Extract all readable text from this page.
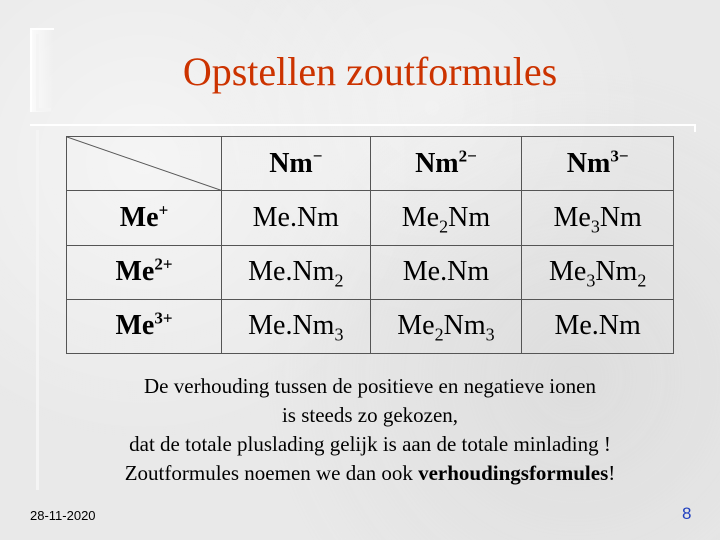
Opstellen zoutformules
	Nm−	$Nm^{2-}$	$Nm^{3-}$
Me+	Me.Nm	$Me_2Nm$	$Me_3Nm$
$Me^{2+}$	$Me.Nm_2$	Me.Nm	$Me_3Nm_2$
$Me^{3+}$	$Me.Nm_3$	$Me_2Nm_3$	Me.Nm
De verhouding tussen de positieve en negatieve ionen
is steeds zo gekozen,
dat de totale pluslading gelijk is aan de totale minlading !
Zoutformules noemen we dan ook verhoudingsformules!
28-11-2020	8
